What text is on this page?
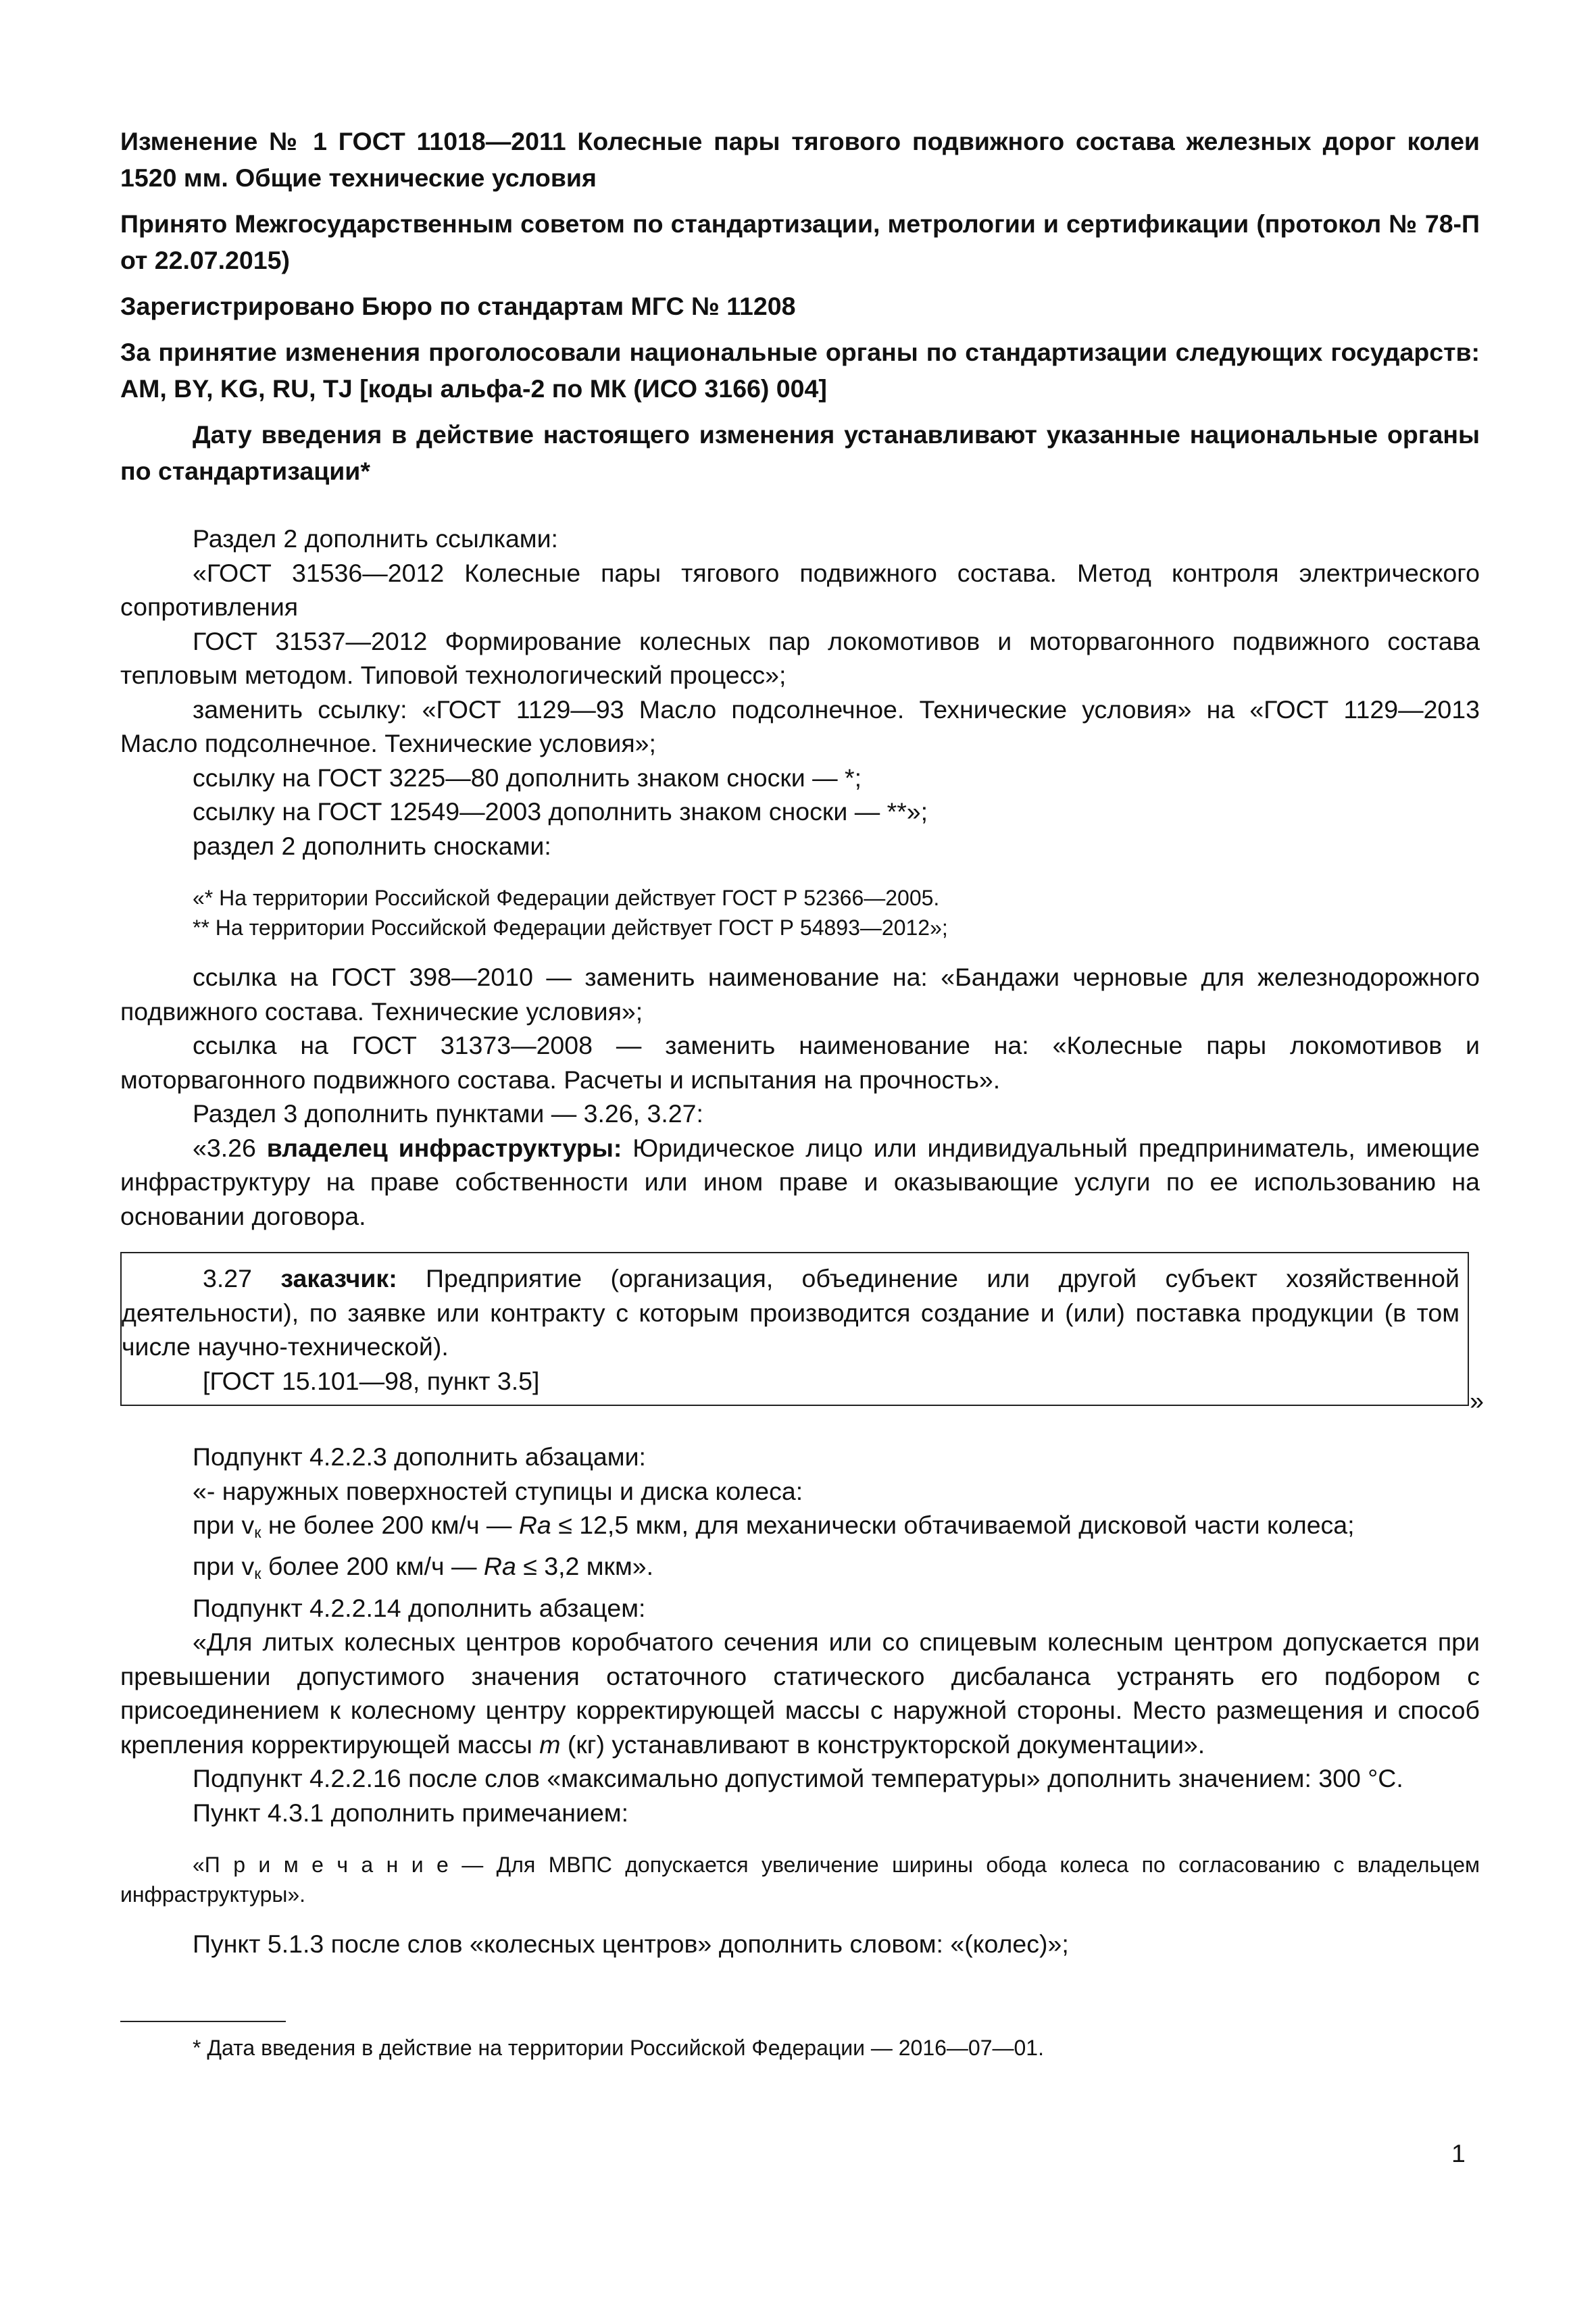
Изменение № 1 ГОСТ 11018—2011 Колесные пары тягового подвижного состава железных дорог колеи 1520 мм. Общие технические условия

Принято Межгосударственным советом по стандартизации, метрологии и сертификации (протокол № 78-П от 22.07.2015)

Зарегистрировано Бюро по стандартам МГС № 11208

За принятие изменения проголосовали национальные органы по стандартизации следующих государств: AM, BY, KG, RU, TJ [коды альфа-2 по МК (ИСО 3166) 004]

Дату введения в действие настоящего изменения устанавливают указанные национальные органы по стандартизации*

Раздел 2 дополнить ссылками:

«ГОСТ 31536—2012 Колесные пары тягового подвижного состава. Метод контроля электрического сопротивления

ГОСТ 31537—2012 Формирование колесных пар локомотивов и моторвагонного подвижного состава тепловым методом. Типовой технологический процесс»;

заменить ссылку: «ГОСТ 1129—93 Масло подсолнечное. Технические условия» на «ГОСТ 1129—2013 Масло подсолнечное. Технические условия»;

ссылку на ГОСТ 3225—80 дополнить знаком сноски — *;

ссылку на ГОСТ 12549—2003 дополнить знаком сноски — **»;

раздел 2 дополнить сносками:

«* На территории Российской Федерации действует ГОСТ Р 52366—2005.

** На территории Российской Федерации действует ГОСТ Р 54893—2012»;

ссылка на ГОСТ 398—2010 — заменить наименование на: «Бандажи черновые для железнодорожного подвижного состава. Технические условия»;

ссылка на ГОСТ 31373—2008 — заменить наименование на: «Колесные пары локомотивов и моторвагонного подвижного состава. Расчеты и испытания на прочность».

Раздел 3 дополнить пунктами — 3.26, 3.27:

«3.26 владелец инфраструктуры: Юридическое лицо или индивидуальный предприниматель, имеющие инфраструктуру на праве собственности или ином праве и оказывающие услуги по ее использованию на основании договора.

3.27 заказчик: Предприятие (организация, объединение или другой субъект хозяйственной деятельности), по заявке или контракту с которым производится создание и (или) поставка продукции (в том числе научно-технической).

[ГОСТ 15.101—98, пункт 3.5]

»

Подпункт 4.2.2.3 дополнить абзацами:

«- наружных поверхностей ступицы и диска колеса:

при $v_к$ не более 200 км/ч — Ra ≤ 12,5 мкм, для механически обтачиваемой дисковой части колеса;

при $v_к$ более 200 км/ч — Ra ≤ 3,2 мкм».

Подпункт 4.2.2.14 дополнить абзацем:

«Для литых колесных центров коробчатого сечения или со спицевым колесным центром допускается при превышении допустимого значения остаточного статического дисбаланса устранять его подбором с присоединением к колесному центру корректирующей массы с наружной стороны. Место размещения и способ крепления корректирующей массы m (кг) устанавливают в конструкторской документации».

Подпункт 4.2.2.16 после слов «максимально допустимой температуры» дополнить значением: 300 °С.

Пункт 4.3.1 дополнить примечанием:

«П р и м е ч а н и е — Для МВПС допускается увеличение ширины обода колеса по согласованию с владельцем инфраструктуры».

Пункт 5.1.3 после слов «колесных центров» дополнить словом: «(колес)»;

* Дата введения в действие на территории Российской Федерации — 2016—07—01.

1
